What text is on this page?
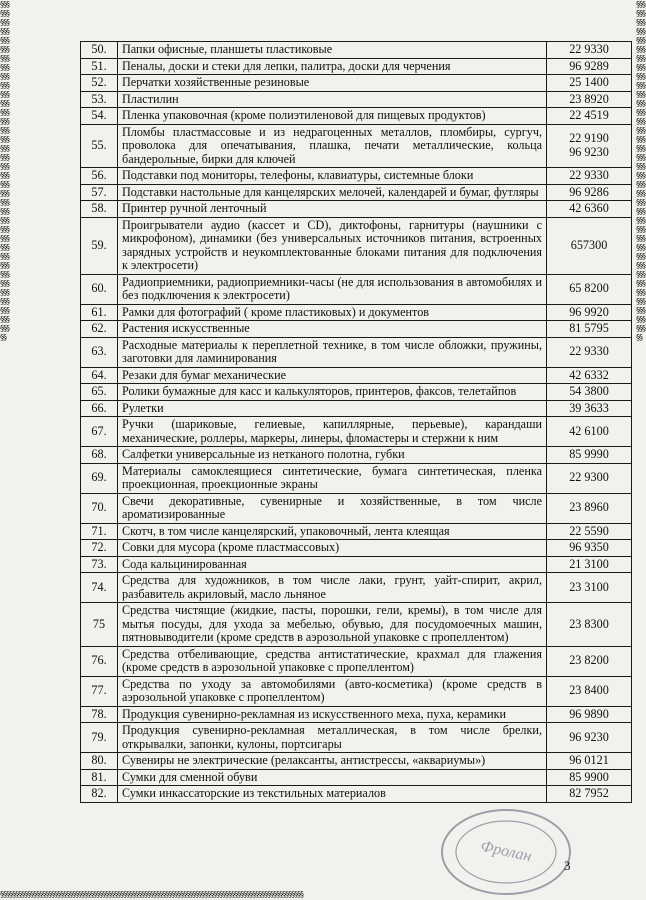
§§§§§§§§§§§§§§§§§§§§§§§§§§§§§§§§§§§§§§§§§§§§§§§§§§§§§§§§§§§§§§§§§§§§§§§§§§§§§§§§§§§§§§§§§§§§§§§§§§§§§§§§§§§§§§§§§
§§§§§§§§§§§§§§§§§§§§§§§§§§§§§§§§§§§§§§§§§§§§§§§§§§§§§§§§§§§§§§§§§§§§§§§§§§§§§§§§§§§§§§§§§§§§§§§§§§§§§§§§§§§§§§§§§
§§§§§§§§§§§§§§§§§§§§§§§§§§§§§§§§§§§§§§§§§§§§§§§§§§§§§§§§§§§§§§§§§§§§§§§§§§§§§§§§§§§§§§§§§§§§§§§§§§§§§
50.	Папки офисные, планшеты пластиковые	22 9330
51.	Пеналы, доски и стеки для лепки, палитра, доски для черчения	96 9289
52.	Перчатки хозяйственные резиновые	25 1400
53.	Пластилин	23 8920
54.	Пленка упаковочная (кроме полиэтиленовой для пищевых продуктов)	22 4519
55.	Пломбы пластмассовые и из недрагоценных металлов, пломбиры, сургуч, проволока для опечатывания, плашка, печати металлические, кольца бандерольные, бирки для ключей	22 9190
96 9230
56.	Подставки под мониторы, телефоны, клавиатуры, системные блоки	22 9330
57.	Подставки настольные для канцелярских мелочей, календарей и бумаг, футляры	96 9286
58.	Принтер ручной ленточный	42 6360
59.	Проигрыватели аудио (кассет и CD), диктофоны, гарнитуры (наушники с микрофоном), динамики (без универсальных источников питания, встроенных зарядных устройств и неукомплектованные блоками питания для подключения к электросети)	657300
60.	Радиоприемники, радиоприемники-часы (не для использования в автомобилях и без подключения к электросети)	65 8200
61.	Рамки для фотографий ( кроме пластиковых) и документов	96 9920
62.	Растения искусственные	81 5795
63.	Расходные материалы к переплетной технике, в том числе обложки, пружины, заготовки для ламинирования	22 9330
64.	Резаки для бумаг механические	42 6332
65.	Ролики бумажные для касс и калькуляторов, принтеров, факсов, телетайпов	54 3800
66.	Рулетки	39 3633
67.	Ручки (шариковые, гелиевые, капиллярные, перьевые), карандаши механические, роллеры, маркеры, линеры, фломастеры и стержни к ним	42 6100
68.	Салфетки универсальные из нетканого полотна, губки	85 9990
69.	Материалы самоклеящиеся синтетические, бумага синтетическая, пленка проекционная, проекционные экраны	22 9300
70.	Свечи декоративные, сувенирные и хозяйственные, в том числе ароматизированные	23 8960
71.	Скотч, в том числе канцелярский, упаковочный, лента клеящая	22 5590
72.	Совки для мусора (кроме пластмассовых)	96 9350
73.	Сода кальцинированная	21 3100
74.	Средства для художников, в том числе лаки, грунт, уайт-спирит, акрил, разбавитель акриловый, масло льняное	23 3100
75	Средства чистящие (жидкие, пасты, порошки, гели, кремы), в том числе для мытья посуды, для ухода за мебелью, обувью, для посудомоечных машин, пятновыводители (кроме средств в аэрозольной упаковке с пропеллентом)	23 8300
76.	Средства отбеливающие, средства антистатические, крахмал для глажения (кроме средств в аэрозольной упаковке с пропеллентом)	23 8200
77.	Средства по уходу за автомобилями (авто-косметика) (кроме средств в аэрозольной упаковке с пропеллентом)	23 8400
78.	Продукция сувенирно-рекламная из искусственного меха, пуха, керамики	96 9890
79.	Продукция сувенирно-рекламная металлическая, в том числе брелки, открывалки, запонки, кулоны, портсигары	96 9230
80.	Сувениры не электрические (релаксанты, антистрессы, «аквариумы»)	96 0121
81.	Сумки для сменной обуви	85 9900
82.	Сумки инкассаторские из текстильных материалов	82 7952
Фролан
3
